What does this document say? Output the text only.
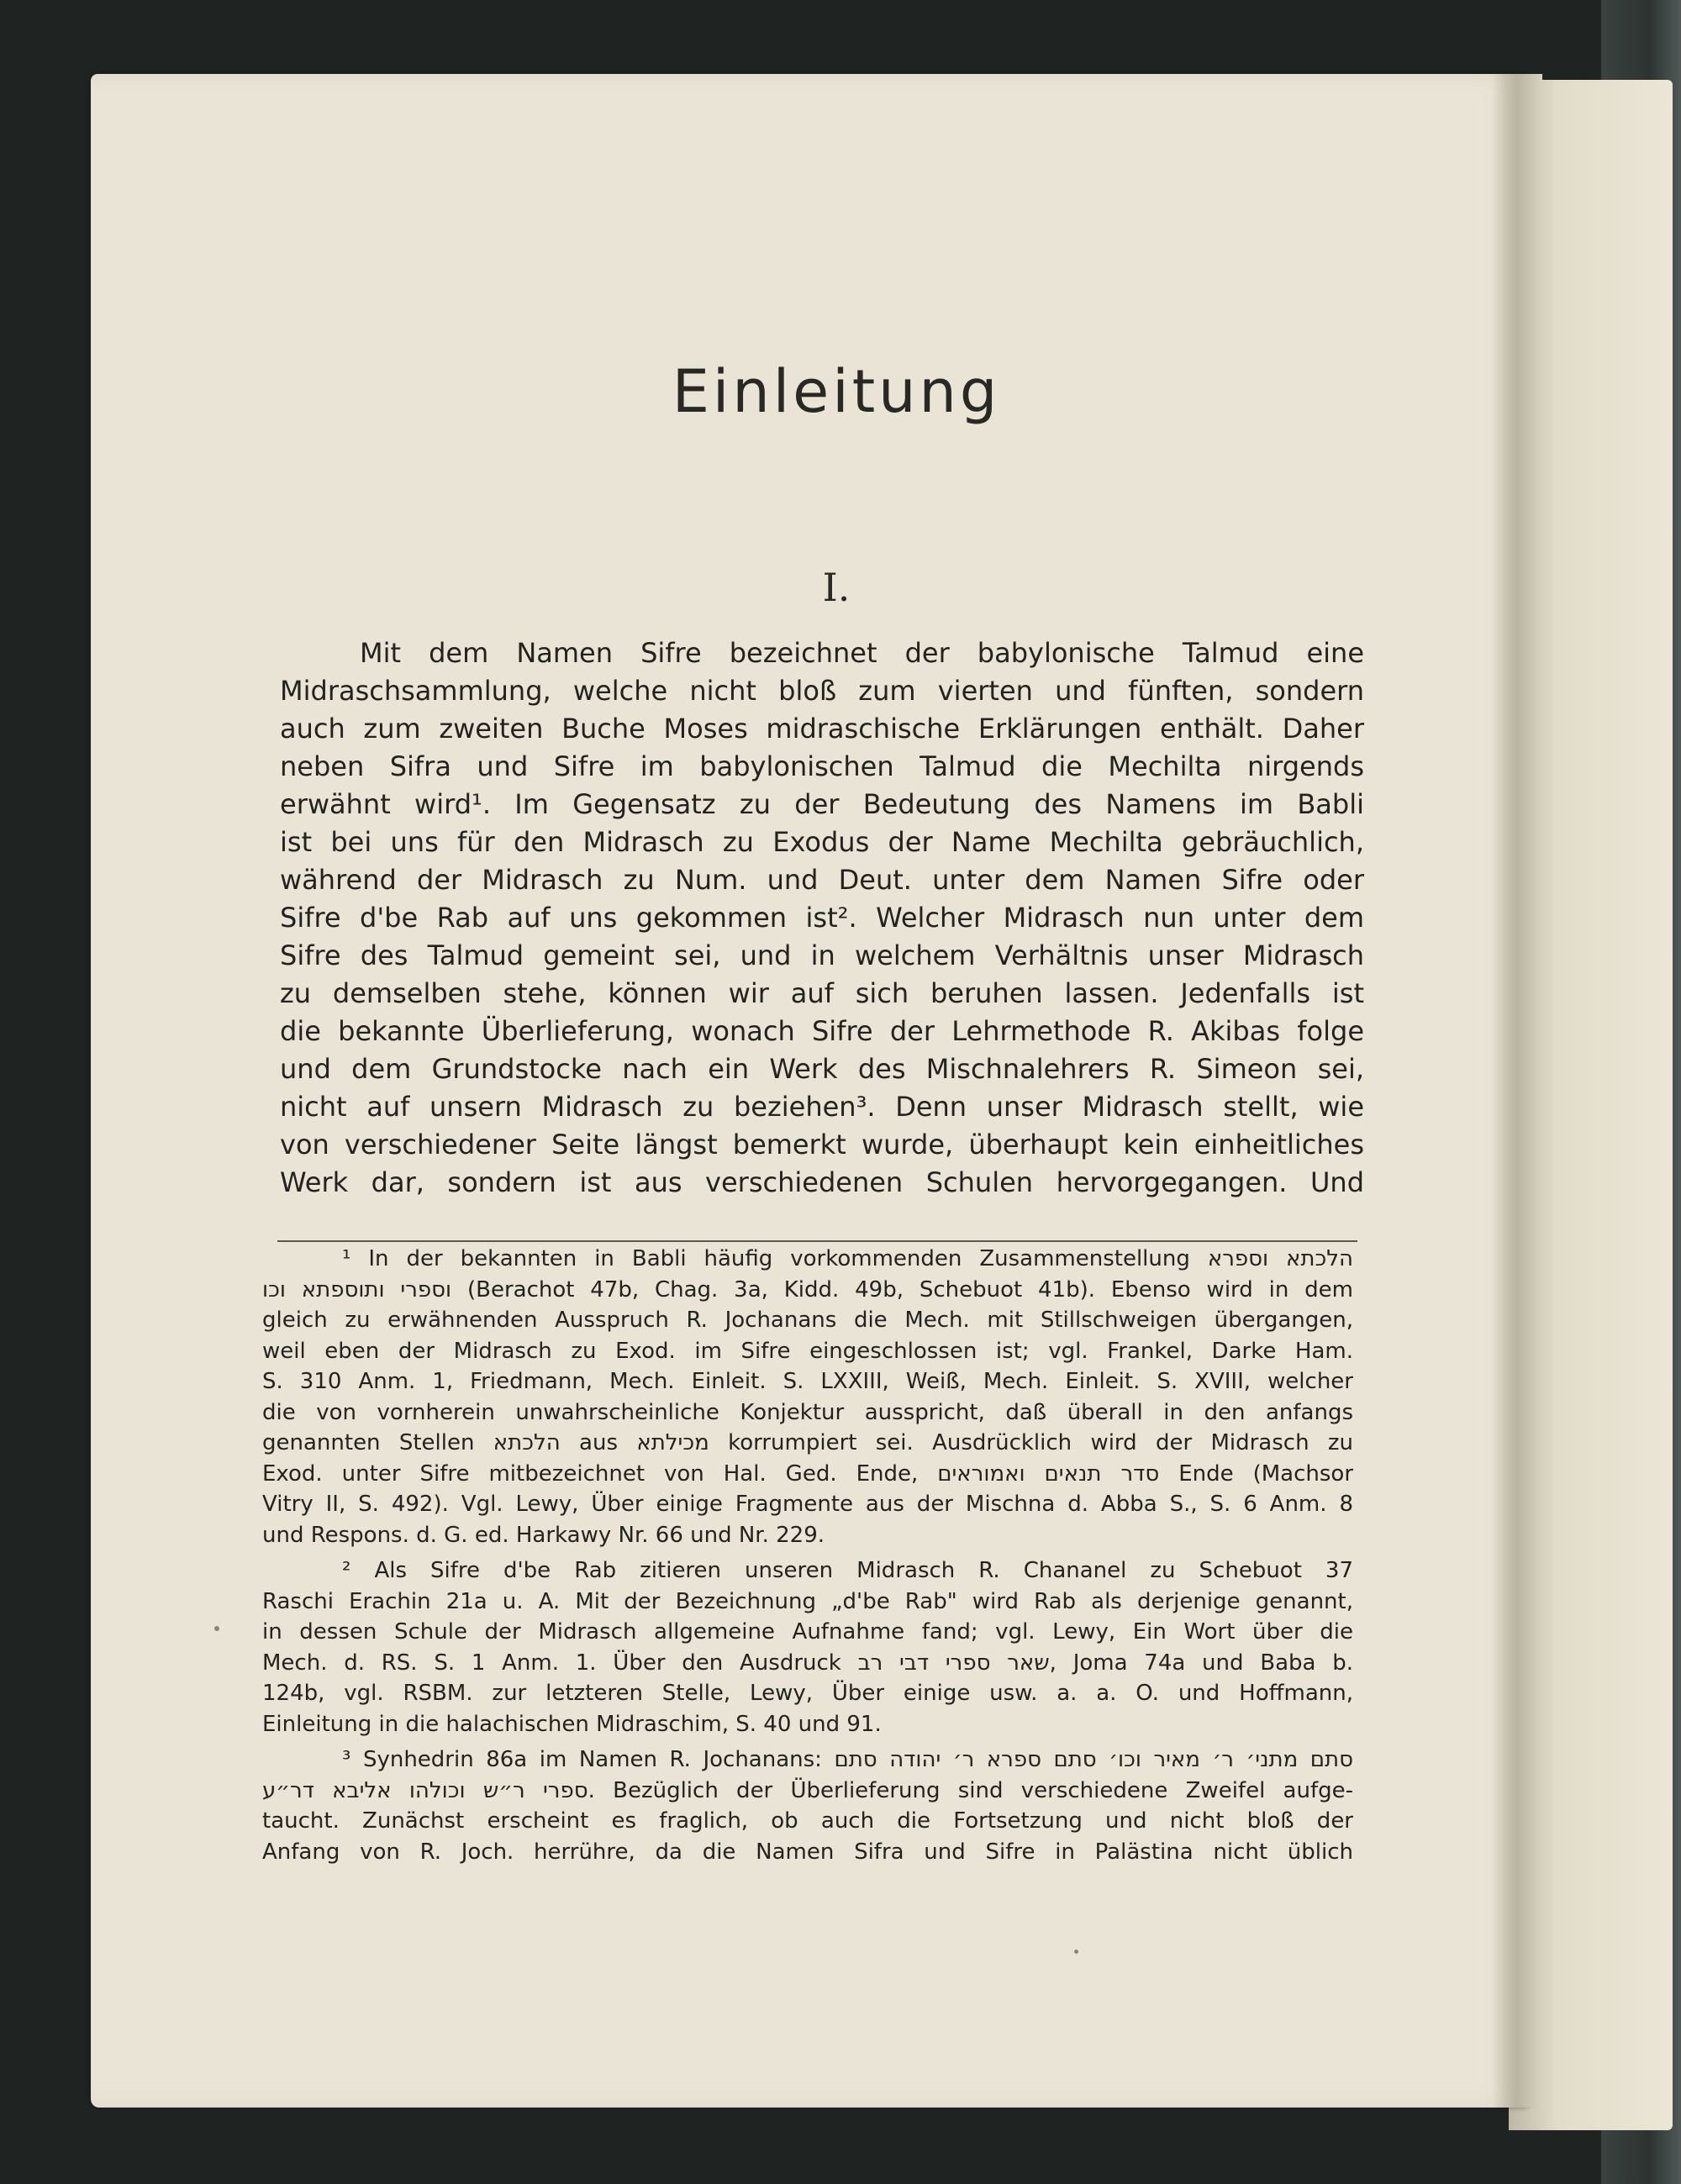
Einleitung
I.
Mit dem Namen Sifre bezeichnet der babylonische Talmud eine
Midraschsammlung, welche nicht bloß zum vierten und fünften, sondern
auch zum zweiten Buche Moses midraschische Erklärungen enthält. Daher
neben Sifra und Sifre im babylonischen Talmud die Mechilta nirgends
erwähnt wird¹. Im Gegensatz zu der Bedeutung des Namens im Babli
ist bei uns für den Midrasch zu Exodus der Name Mechilta gebräuchlich,
während der Midrasch zu Num. und Deut. unter dem Namen Sifre oder
Sifre d'be Rab auf uns gekommen ist². Welcher Midrasch nun unter dem
Sifre des Talmud gemeint sei, und in welchem Verhältnis unser Midrasch
zu demselben stehe, können wir auf sich beruhen lassen. Jedenfalls ist
die bekannte Überlieferung, wonach Sifre der Lehrmethode R. Akibas folge
und dem Grundstocke nach ein Werk des Mischnalehrers R. Simeon sei,
nicht auf unsern Midrasch zu beziehen³. Denn unser Midrasch stellt, wie
von verschiedener Seite längst bemerkt wurde, überhaupt kein einheitliches
Werk dar, sondern ist aus verschiedenen Schulen hervorgegangen. Und
¹ In der bekannten in Babli häufig vorkommenden Zusammenstellung הלכתא וספרא
וספרי ותוספתא וכו (Berachot 47b, Chag. 3a, Kidd. 49b, Schebuot 41b). Ebenso wird in dem
gleich zu erwähnenden Ausspruch R. Jochanans die Mech. mit Stillschweigen übergangen,
weil eben der Midrasch zu Exod. im Sifre eingeschlossen ist; vgl. Frankel, Darke Ham.
S. 310 Anm. 1, Friedmann, Mech. Einleit. S. LXXIII, Weiß, Mech. Einleit. S. XVIII, welcher
die von vornherein unwahrscheinliche Konjektur ausspricht, daß überall in den anfangs
genannten Stellen הלכתא aus מכילתא korrumpiert sei. Ausdrücklich wird der Midrasch zu
Exod. unter Sifre mitbezeichnet von Hal. Ged. Ende, סדר תנאים ואמוראים Ende (Machsor
Vitry II, S. 492). Vgl. Lewy, Über einige Fragmente aus der Mischna d. Abba S., S. 6 Anm. 8
und Respons. d. G. ed. Harkawy Nr. 66 und Nr. 229.
² Als Sifre d'be Rab zitieren unseren Midrasch R. Chananel zu Schebuot 37
Raschi Erachin 21a u. A. Mit der Bezeichnung „d'be Rab" wird Rab als derjenige genannt,
in dessen Schule der Midrasch allgemeine Aufnahme fand; vgl. Lewy, Ein Wort über die
Mech. d. RS. S. 1 Anm. 1. Über den Ausdruck שאר ספרי דבי רב, Joma 74a und Baba b.
124b, vgl. RSBM. zur letzteren Stelle, Lewy, Über einige usw. a. a. O. und Hoffmann,
Einleitung in die halachischen Midraschim, S. 40 und 91.
³ Synhedrin 86a im Namen R. Jochanans: סתם מתני׳ ר׳ מאיר וכו׳ סתם ספרא ר׳ יהודה סתם
ספרי ר״ש וכולהו אליבא דר״ע. Bezüglich der Überlieferung sind verschiedene Zweifel aufge-
taucht. Zunächst erscheint es fraglich, ob auch die Fortsetzung und nicht bloß der
Anfang von R. Joch. herrühre, da die Namen Sifra und Sifre in Palästina nicht üblich
